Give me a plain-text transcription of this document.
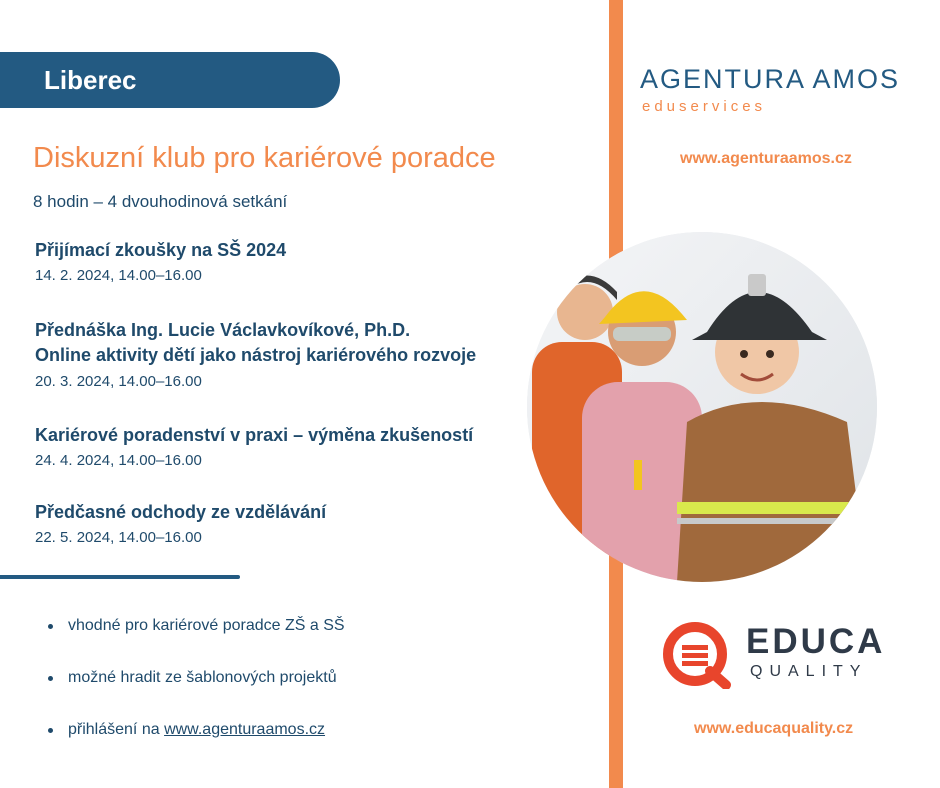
Liberec
Diskuzní klub pro kariérové poradce
8 hodin – 4 dvouhodinová setkání
Přijímací zkoušky na SŠ 2024
14. 2. 2024, 14.00–16.00
Přednáška Ing. Lucie Václavkovíkové, Ph.D.
Online aktivity dětí jako nástroj kariérového rozvoje
20. 3. 2024, 14.00–16.00
Kariérové poradenství v praxi – výměna zkušeností
24. 4. 2024, 14.00–16.00
Předčasné odchody ze vzdělávání
22. 5. 2024, 14.00–16.00
vhodné pro kariérové poradce ZŠ a SŠ
možné hradit ze šablonových projektů
přihlášení na www.agenturaamos.cz
AGENTURA AMOS
eduservices
www.agenturaamos.cz
EDUCA
QUALITY
www.educaquality.cz
